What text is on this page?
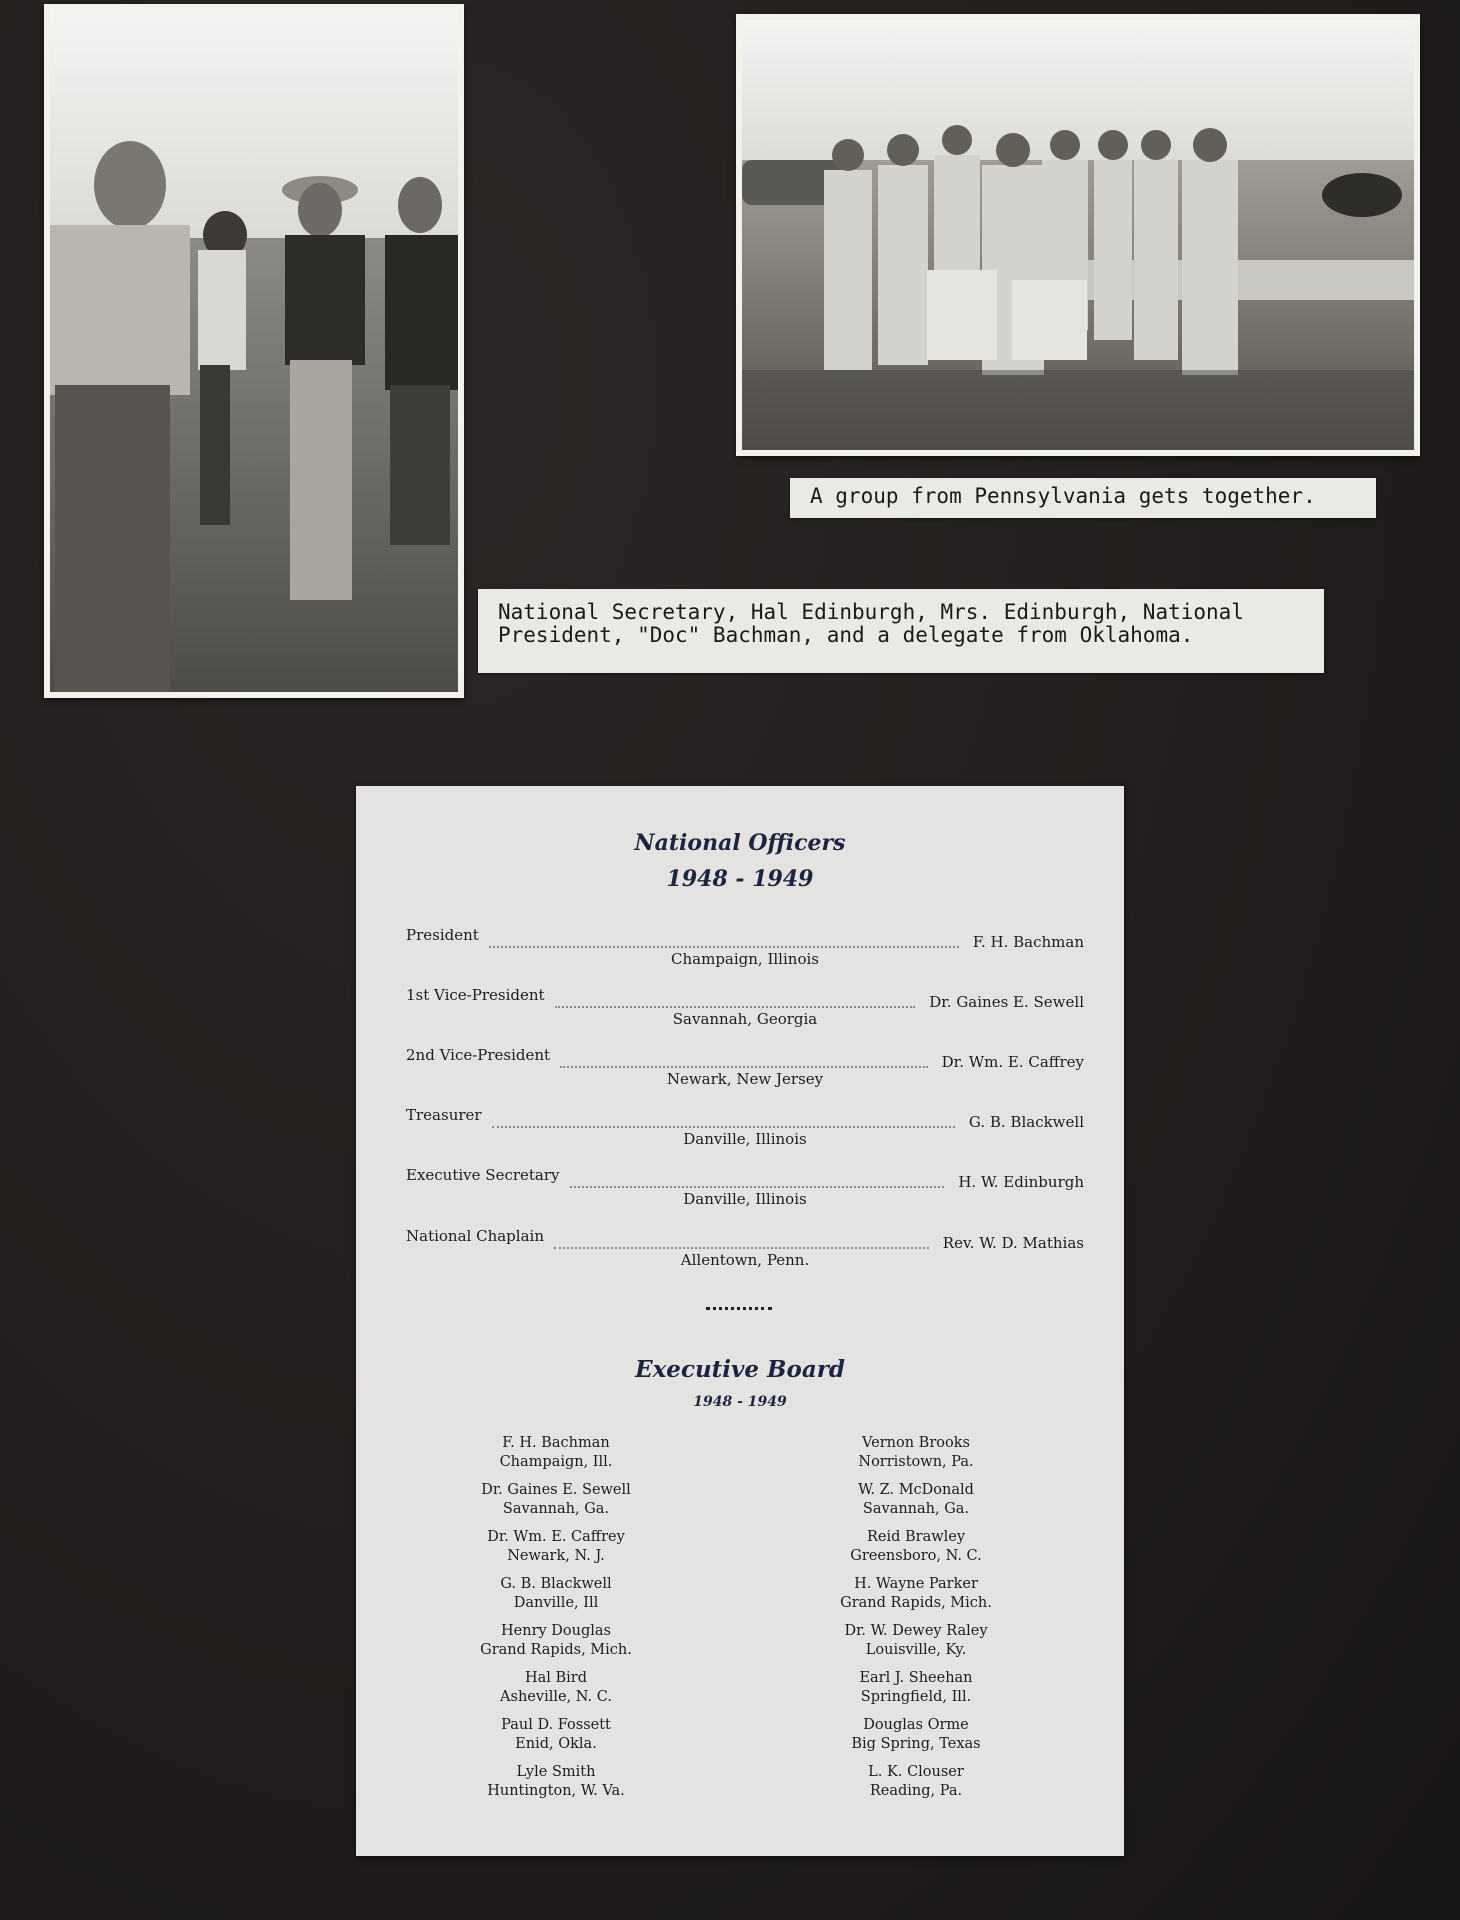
A group from Pennsylvania gets together.
National Secretary, Hal Edinburgh, Mrs. Edinburgh, National
President, "Doc" Bachman, and a delegate from Oklahoma.
National Officers
1948 - 1949
President	F. H. Bachman
Champaign, Illinois
1st Vice-President	Dr. Gaines E. Sewell
Savannah, Georgia
2nd Vice-President	Dr. Wm. E. Caffrey
Newark, New Jersey
Treasurer	G. B. Blackwell
Danville, Illinois
Executive Secretary	H. W. Edinburgh
Danville, Illinois
National Chaplain	Rev. W. D. Mathias
Allentown, Penn.
Executive Board
1948 - 1949
F. H. Bachman
Champaign, Ill.
Dr. Gaines E. Sewell
Savannah, Ga.
Dr. Wm. E. Caffrey
Newark, N. J.
G. B. Blackwell
Danville, Ill
Henry Douglas
Grand Rapids, Mich.
Hal Bird
Asheville, N. C.
Paul D. Fossett
Enid, Okla.
Lyle Smith
Huntington, W. Va.
Vernon Brooks
Norristown, Pa.
W. Z. McDonald
Savannah, Ga.
Reid Brawley
Greensboro, N. C.
H. Wayne Parker
Grand Rapids, Mich.
Dr. W. Dewey Raley
Louisville, Ky.
Earl J. Sheehan
Springfield, Ill.
Douglas Orme
Big Spring, Texas
L. K. Clouser
Reading, Pa.
